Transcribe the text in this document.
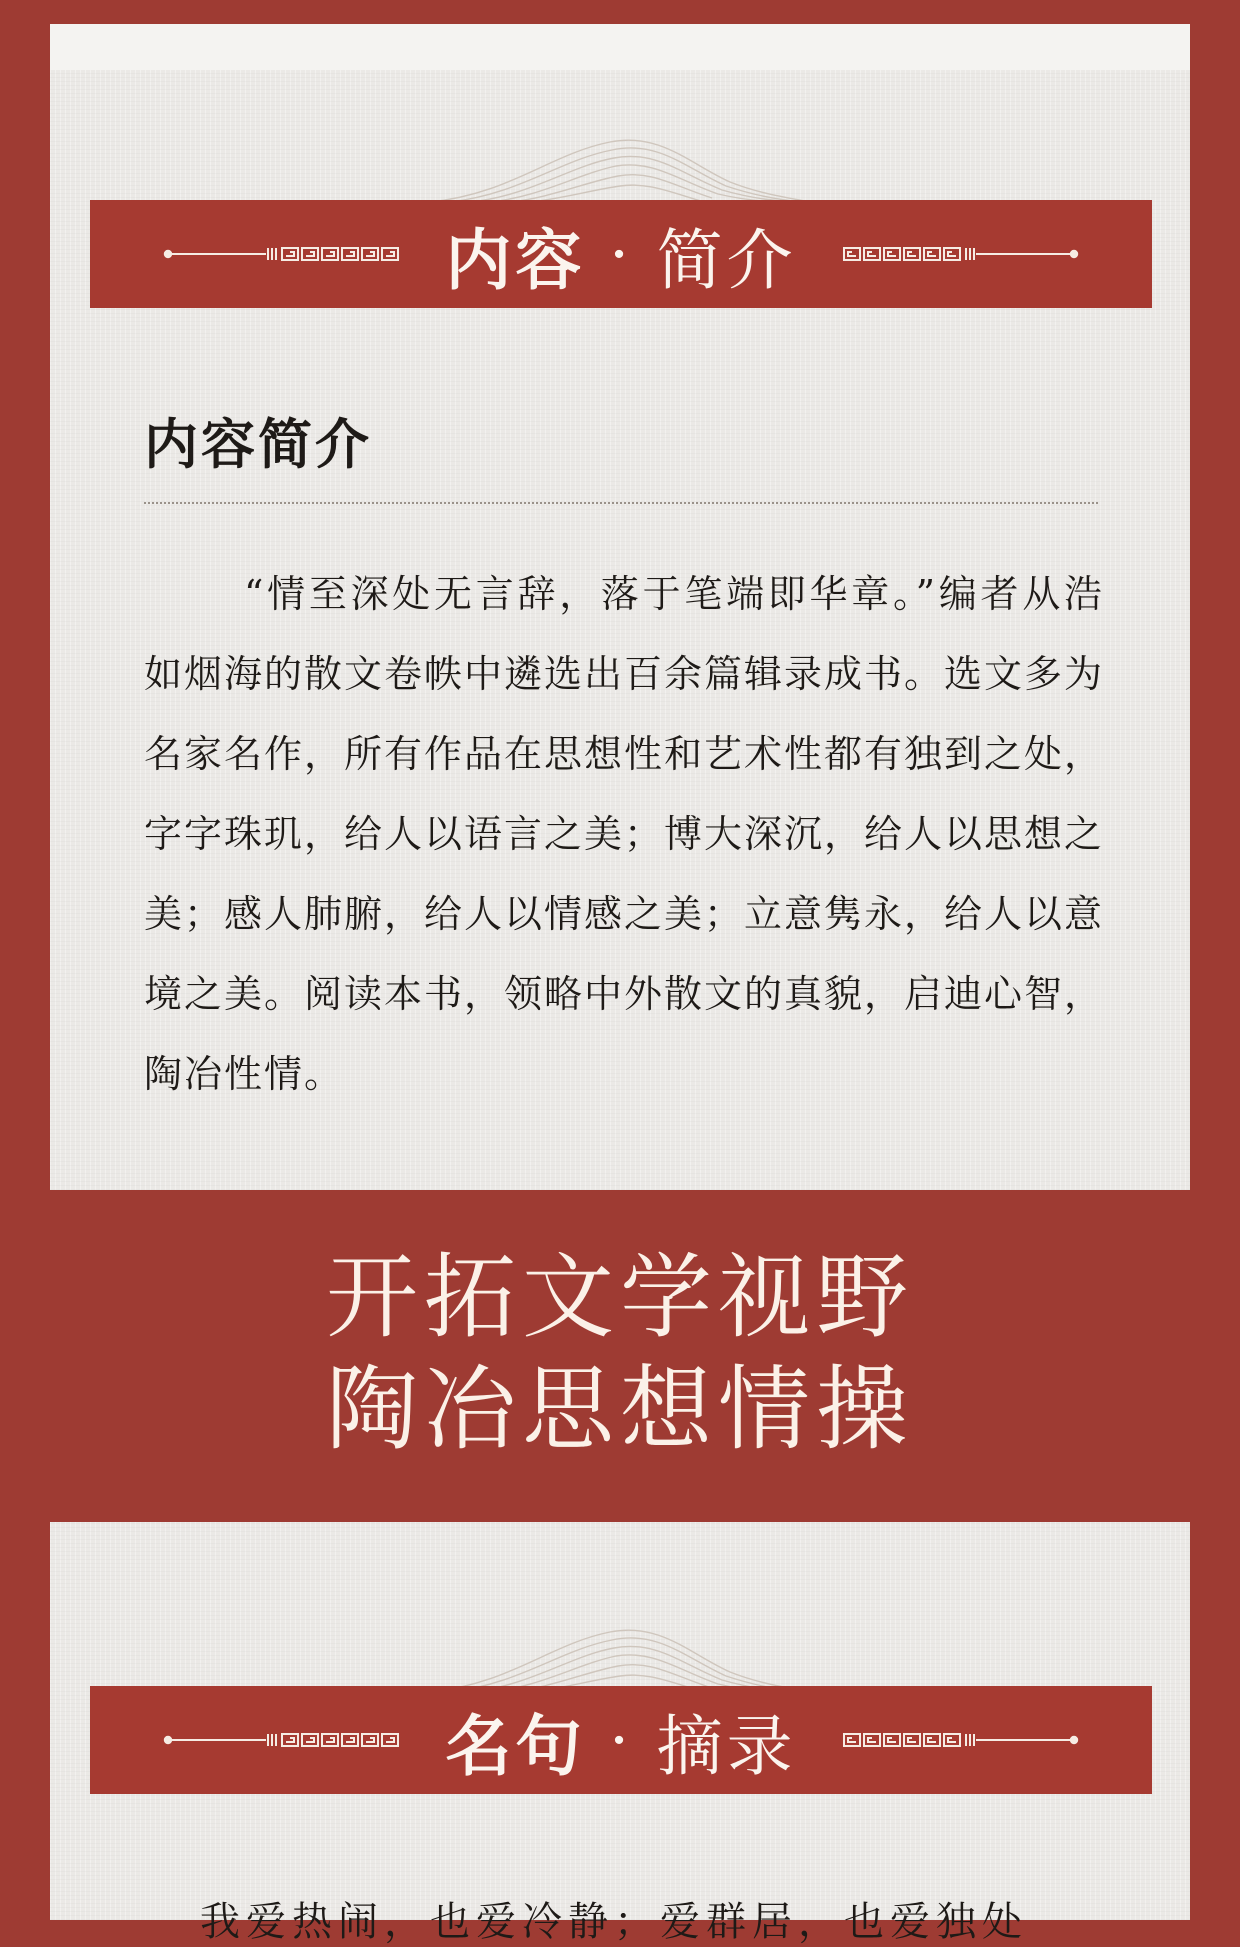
内容 · 简介
内容简介

“情至深处无言辞，落于笔端即华章。”编者从浩如烟海的散文卷帙中遴选出百余篇辑录成书。选文多为名家名作，所有作品在思想性和艺术性都有独到之处，字字珠玑，给人以语言之美；博大深沉，给人以思想之美；感人肺腑，给人以情感之美；立意隽永，给人以意境之美。阅读本书，领略中外散文的真貌，启迪心智，陶冶性情。

开拓文学视野
陶冶思想情操
名句 · 摘录

我爱热闹，也爱冷静；爱群居，也爱独处
